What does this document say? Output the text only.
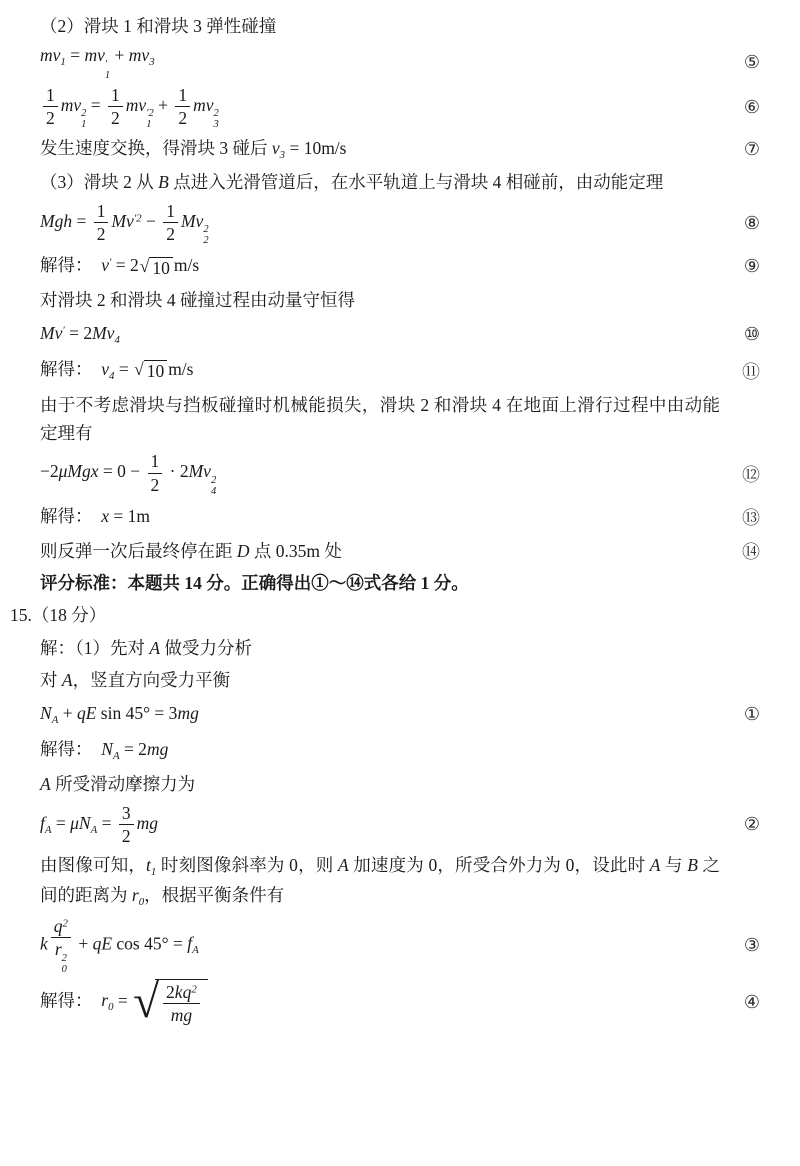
（2）滑块 1 和滑块 3 弹性碰撞
$mv_1$ = mv ′
1
+ $mv_3$	⑤
$\frac{1}{2}$ mv 2
1
= $\frac{1}{2}$ mv ′2
1
+ $\frac{1}{2}$ mv 2
3
⑥
发生速度交换，得滑块 3 碰后 $v_3 = 10m/s$	⑦
（3）滑块 2 从 B 点进入光滑管道后，在水平轨道上与滑块 4 相碰前，由动能定理
Mgh = $\frac{1}{2} Mv^{'2} - \frac{1}{2}$ Mv 2
2
⑧
解得：　v′ = 2 √ 10 m/s	⑨
对滑块 2 和滑块 4 碰撞过程由动量守恒得
$Mv' = 2Mv_4$	⑩
解得：　$v_4$ = √ 10 m/s	⑪
由于不考虑滑块与挡板碰撞时机械能损失，滑块 2 和滑块 4 在地面上滑行过程中由动能定理有
$-2\mu Mgx = 0 - \frac{1}{2} \cdot 2Mv$ 2
4
⑫
解得：　x = 1m	⑬
则反弹一次后最终停在距 D 点 0.35m 处	⑭
评分标准：本题共 14 分。正确得出①～⑭式各给 1 分。
15.（18 分）
解：（1）先对 A 做受力分析
对 A，竖直方向受力平衡
$N_A$ + qE sin 45° = 3mg	①
解得：　$N_A = 2mg$
A 所受滑动摩擦力为
$f_A = \mu N_A = \frac{3}{2}$ mg	②
由图像可知，$t_1$ 时刻图像斜率为 0，则 A 加速度为 0，所受合外力为 0，设此时 A 与 B 之间的距离为 $r_0$，根据平衡条件有
k $q^2$
r 2
0 + qE $\cos 45^\circ = f_A$	③
解得：　$r_0$ = √ $\frac{2kq^2}{mg}$	④
